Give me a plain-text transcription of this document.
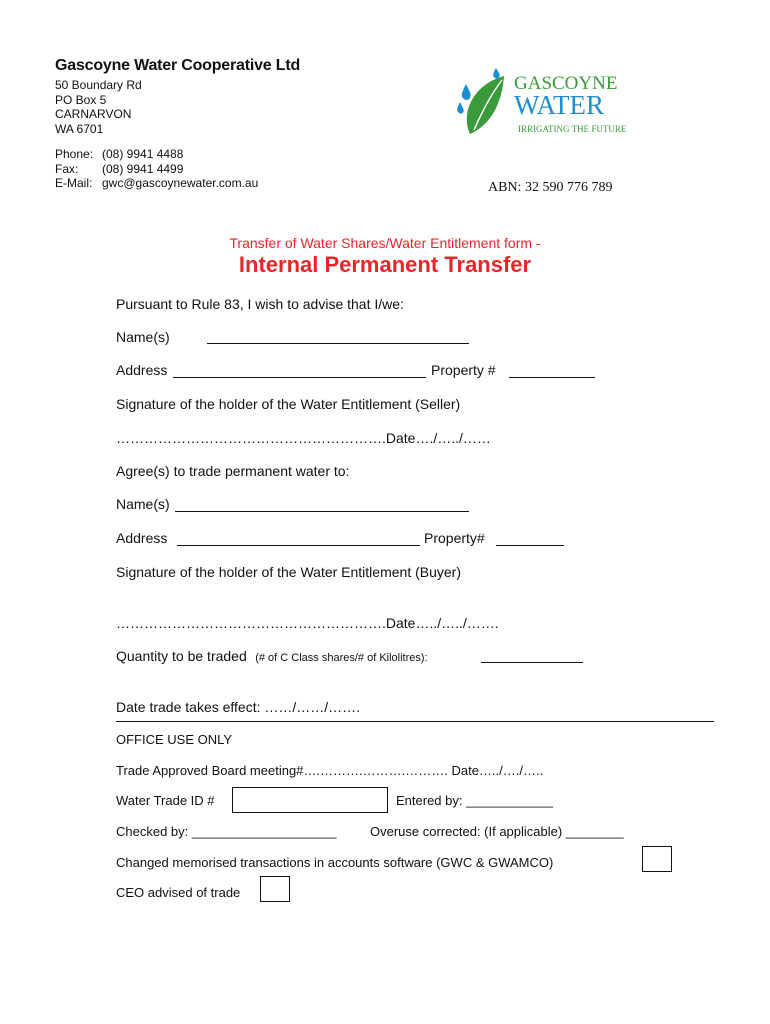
Gascoyne Water Cooperative Ltd
50 Boundary Rd
PO Box 5
CARNARVON
WA 6701
Phone: (08) 9941 4488
Fax: (08) 9941 4499
E-Mail: gwc@gascoynewater.com.au
GASCOYNE
WATER
IRRIGATING THE FUTURE
ABN: 32 590 776 789
Transfer of Water Shares/Water Entitlement form -
Internal Permanent Transfer
Pursuant to Rule 83, I wish to advise that I/we:
Name(s)
Address	Property #
Signature of the holder of the Water Entitlement (Seller)
………………………………………………….Date…./…../……
Agree(s) to trade permanent water to:
Name(s)
Address	Property#
Signature of the holder of the Water Entitlement (Buyer)
………………………………………………….Date…../…../…….
Quantity to be traded (# of C Class shares/# of Kilolitres):
Date trade takes effect: ……/……/…….
OFFICE USE ONLY
Trade Approved Board meeting#….……….……….………. Date…../…./…..
Water Trade ID #	Entered by: ____________
Checked by: ____________________	Overuse corrected: (If applicable) ________
Changed memorised transactions in accounts software (GWC & GWAMCO)
CEO advised of trade
